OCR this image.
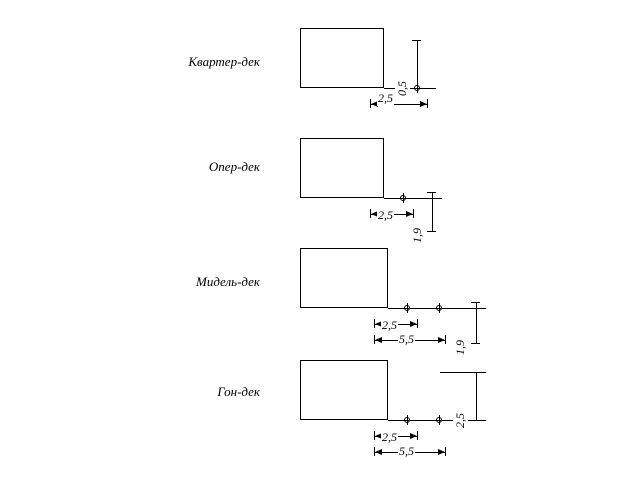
Квартер-дек
0,5
2,5
Опер-дек
1,9
2,5
Мидель-дек
1,9
2,5
5,5
Гон-дек
2,5
2,5
5,5
